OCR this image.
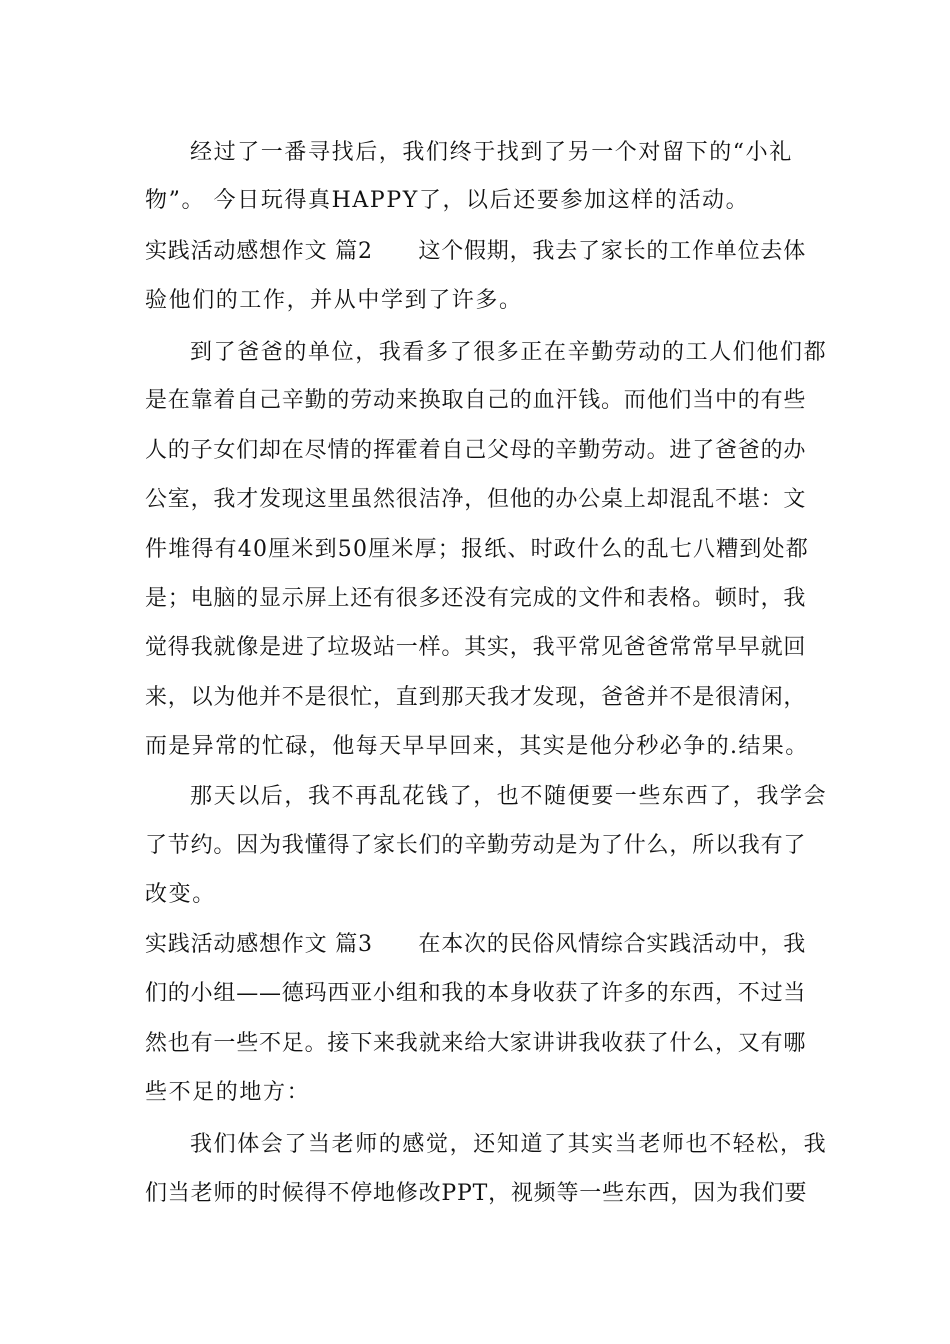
经过了一番寻找后，我们终于找到了另一个对留下的“小礼
物”。 今日玩得真HAPPY了，以后还要参加这样的活动。
实践活动感想作文 篇2　　这个假期，我去了家长的工作单位去体
验他们的工作，并从中学到了许多。
到了爸爸的单位，我看多了很多正在辛勤劳动的工人们他们都
是在靠着自己辛勤的劳动来换取自己的血汗钱。而他们当中的有些
人的子女们却在尽情的挥霍着自己父母的辛勤劳动。进了爸爸的办
公室，我才发现这里虽然很洁净，但他的办公桌上却混乱不堪：文
件堆得有40厘米到50厘米厚；报纸、时政什么的乱七八糟到处都
是；电脑的显示屏上还有很多还没有完成的文件和表格。顿时，我
觉得我就像是进了垃圾站一样。其实，我平常见爸爸常常早早就回
来，以为他并不是很忙，直到那天我才发现，爸爸并不是很清闲，
而是异常的忙碌，他每天早早回来，其实是他分秒必争的.结果。
那天以后，我不再乱花钱了，也不随便要一些东西了，我学会
了节约。因为我懂得了家长们的辛勤劳动是为了什么，所以我有了
改变。
实践活动感想作文 篇3　　在本次的民俗风情综合实践活动中，我
们的小组——德玛西亚小组和我的本身收获了许多的东西，不过当
然也有一些不足。接下来我就来给大家讲讲我收获了什么，又有哪
些不足的地方：
我们体会了当老师的感觉，还知道了其实当老师也不轻松，我
们当老师的时候得不停地修改PPT，视频等一些东西，因为我们要
